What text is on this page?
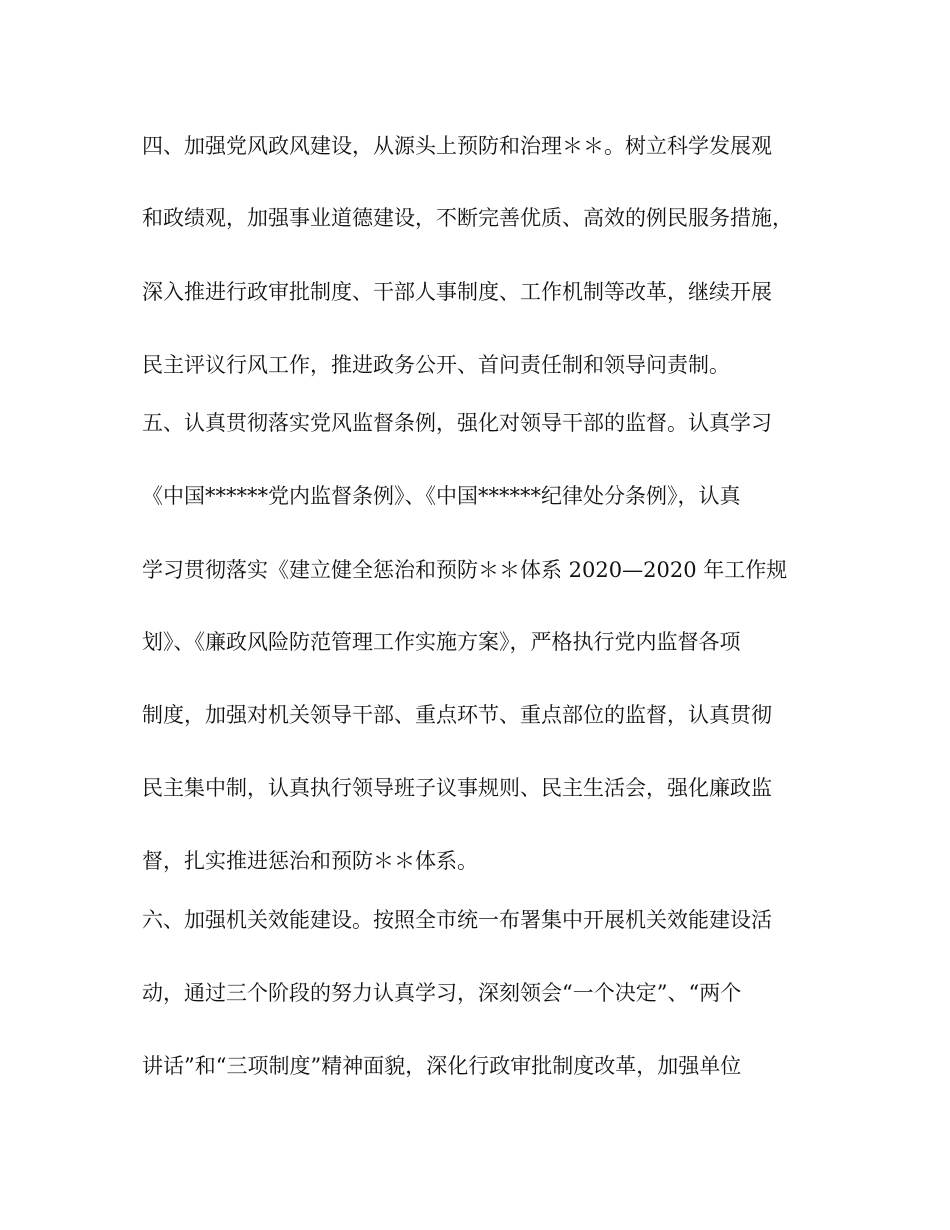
四、加强党风政风建设，从源头上预防和治理＊＊。树立科学发展观
和政绩观，加强事业道德建设，不断完善优质、高效的例民服务措施，
深入推进行政审批制度、干部人事制度、工作机制等改革，继续开展
民主评议行风工作，推进政务公开、首问责任制和领导问责制。
五、认真贯彻落实党风监督条例，强化对领导干部的监督。认真学习
《中国******党内监督条例》、《中国******纪律处分条例》，认真
学习贯彻落实《建立健全惩治和预防＊＊体系 2020—2020 年工作规
划》、《廉政风险防范管理工作实施方案》，严格执行党内监督各项
制度，加强对机关领导干部、重点环节、重点部位的监督，认真贯彻
民主集中制，认真执行领导班子议事规则、民主生活会，强化廉政监
督，扎实推进惩治和预防＊＊体系。
六、加强机关效能建设。按照全市统一布署集中开展机关效能建设活
动，通过三个阶段的努力认真学习，深刻领会“一个决定”、“两个
讲话”和“三项制度”精神面貌，深化行政审批制度改革，加强单位
